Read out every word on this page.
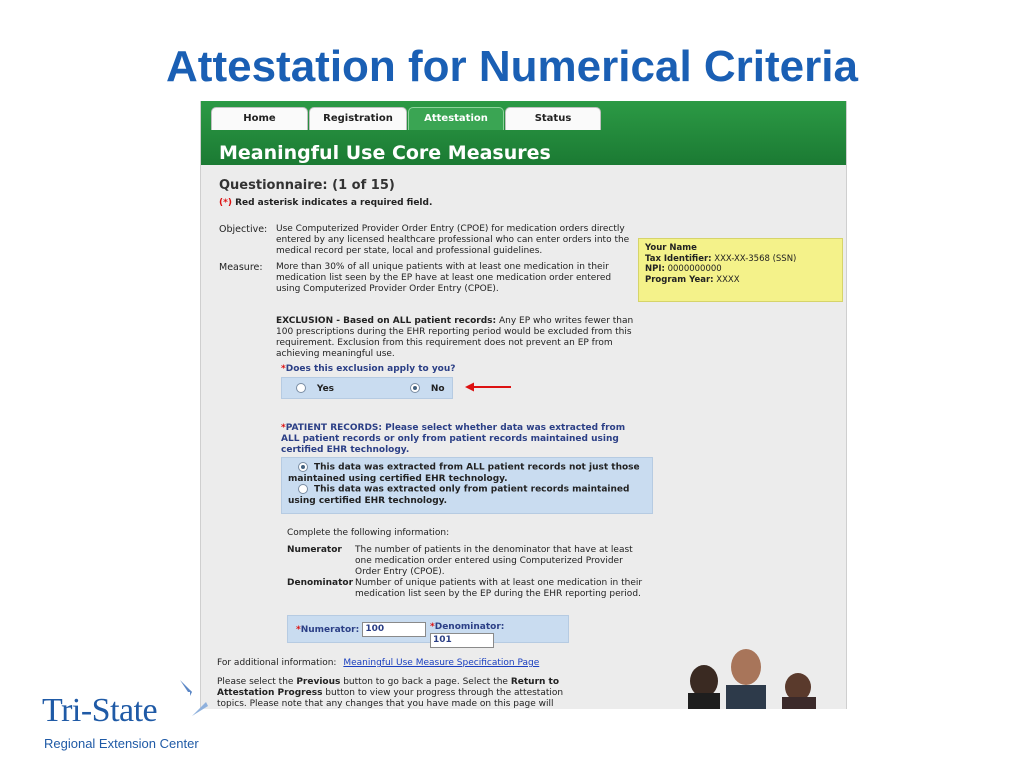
Attestation for Numerical Criteria
Home	Registration	Attestation	Status
Meaningful Use Core Measures
Questionnaire: (1 of 15)
(*) Red asterisk indicates a required field.
Objective: Use Computerized Provider Order Entry (CPOE) for medication orders directly entered by any licensed healthcare professional who can enter orders into the medical record per state, local and professional guidelines.
Measure: More than 30% of all unique patients with at least one medication in their medication list seen by the EP have at least one medication order entered using Computerized Provider Order Entry (CPOE).
EXCLUSION - Based on ALL patient records: Any EP who writes fewer than 100 prescriptions during the EHR reporting period would be excluded from this requirement. Exclusion from this requirement does not prevent an EP from achieving meaningful use.
*Does this exclusion apply to you?
Yes	No
*PATIENT RECORDS: Please select whether data was extracted from ALL patient records or only from patient records maintained using certified EHR technology.
This data was extracted from ALL patient records not just those maintained using certified EHR technology.
This data was extracted only from patient records maintained using certified EHR technology.
Complete the following information:
Numerator The number of patients in the denominator that have at least one medication order entered using Computerized Provider Order Entry (CPOE).
Denominator Number of unique patients with at least one medication in their medication list seen by the EP during the EHR reporting period.
*Numerator: 100	*Denominator: 101
For additional information: Meaningful Use Measure Specification Page
Please select the Previous button to go back a page. Select the Return to Attestation Progress button to view your progress through the attestation topics. Please note that any changes that you have made on this page will
Your Name
Tax Identifier: XXX-XX-3568 (SSN)
NPI: 0000000000
Program Year: XXXX
Tri-State
Regional Extension Center
